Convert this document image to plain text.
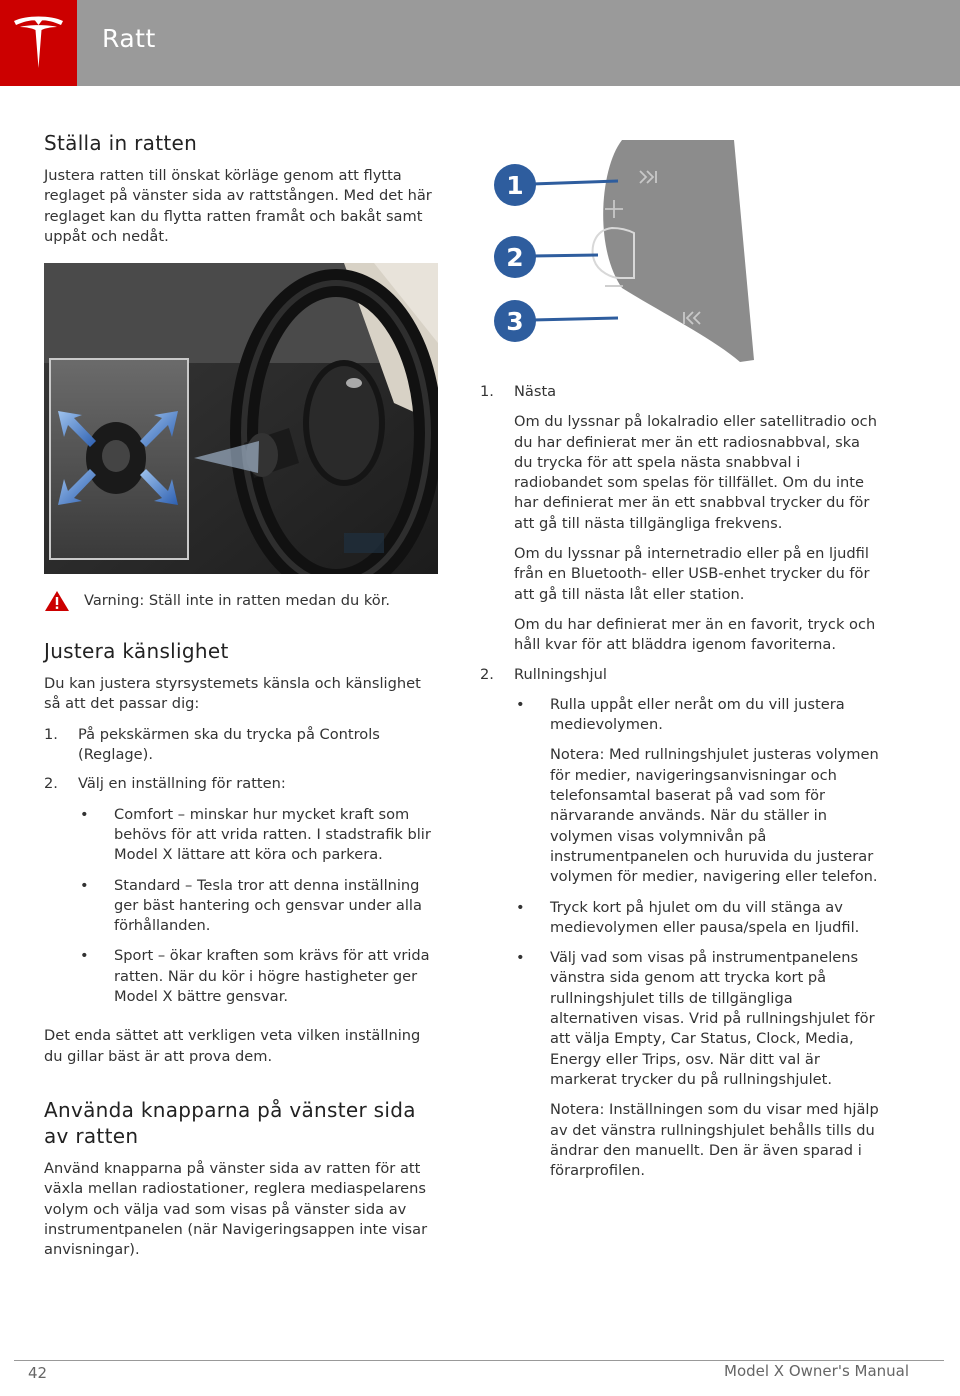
Ratt
Ställa in ratten

Justera ratten till önskat körläge genom att flytta reglaget på vänster sida av rattstången. Med det här reglaget kan du flytta ratten framåt och bakåt samt uppåt och nedåt.

Varning: Ställ inte in ratten medan du kör.
Justera känslighet

Du kan justera styrsystemets känsla och känslighet så att det passar dig:

1.	På pekskärmen ska du trycka på Controls (Reglage).
2.	Välj en inställning för ratten:
•	Comfort – minskar hur mycket kraft som behövs för att vrida ratten. I stadstrafik blir Model X lättare att köra och parkera.
•	Standard – Tesla tror att denna inställning ger bäst hantering och gensvar under alla förhållanden.
•	Sport – ökar kraften som krävs för att vrida ratten. När du kör i högre hastigheter ger Model X bättre gensvar.

Det enda sättet att verkligen veta vilken inställning du gillar bäst är att prova dem.

Använda knapparna på vänster sida av ratten

Använd knapparna på vänster sida av ratten för att växla mellan radiostationer, reglera mediaspelarens volym och välja vad som visas på vänster sida av instrumentpanelen (när Navigeringsappen inte visar anvisningar).

1
2
3
1.	Nästa

Om du lyssnar på lokalradio eller satellitradio och du har definierat mer än ett radiosnabbval, ska du trycka för att spela nästa snabbval i radiobandet som spelas för tillfället. Om du inte har definierat mer än ett snabbval trycker du för att gå till nästa tillgängliga frekvens.

Om du lyssnar på internetradio eller på en ljudfil från en Bluetooth- eller USB-enhet trycker du för att gå till nästa låt eller station.

Om du har definierat mer än en favorit, tryck och håll kvar för att bläddra igenom favoriterna.

2.	Rullningshjul
•	Rulla uppåt eller neråt om du vill justera medievolymen.

Notera: Med rullningshjulet justeras volymen för medier, navigeringsanvisningar och telefonsamtal baserat på vad som för närvarande används. När du ställer in volymen visas volymnivån på instrumentpanelen och huruvida du justerar volymen för medier, navigering eller telefon.

•	Tryck kort på hjulet om du vill stänga av medievolymen eller pausa/spela en ljudfil.
•	Välj vad som visas på instrumentpanelens vänstra sida genom att trycka kort på rullningshjulet tills de tillgängliga alternativen visas. Vrid på rullningshjulet för att välja Empty, Car Status, Clock, Media, Energy eller Trips, osv. När ditt val är markerat trycker du på rullningshjulet.

Notera: Inställningen som du visar med hjälp av det vänstra rullningshjulet behålls tills du ändrar den manuellt. Den är även sparad i förarprofilen.

42	Model X Owner's Manual
